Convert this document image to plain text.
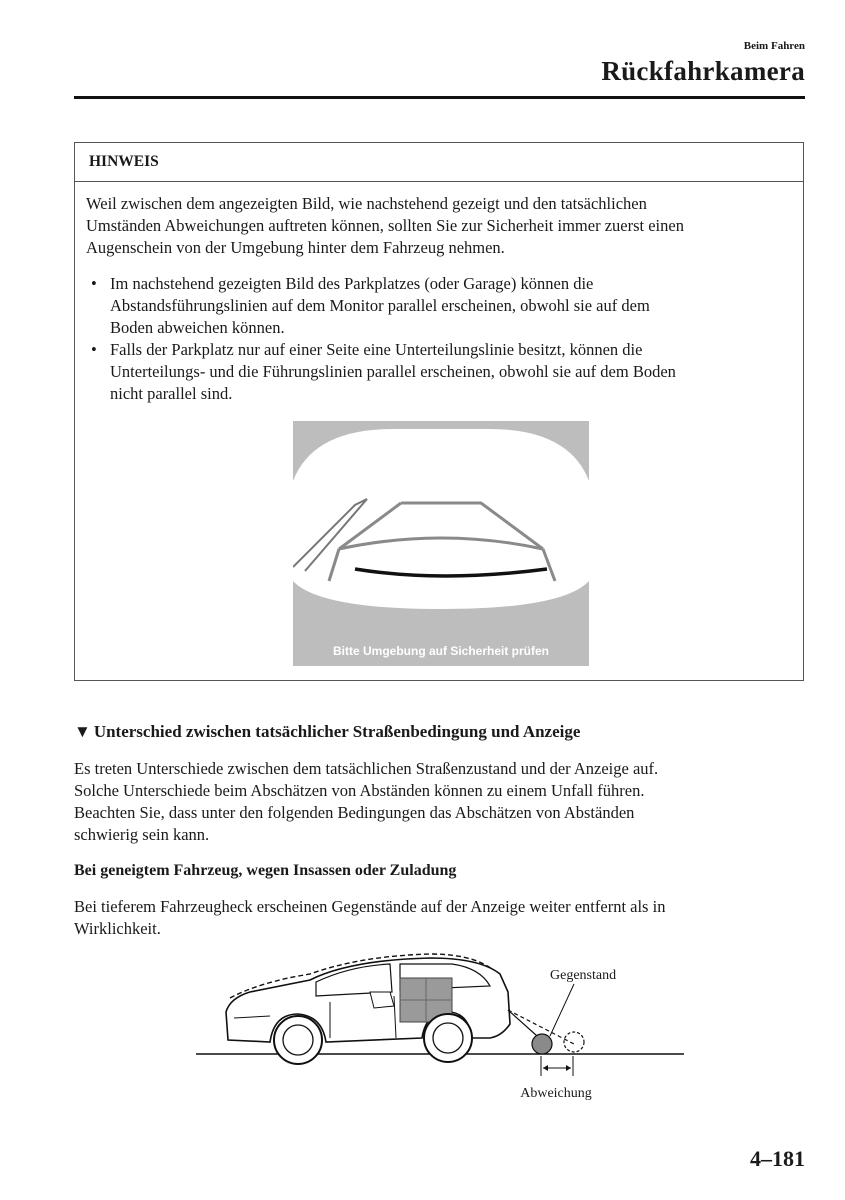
Beim Fahren
Rückfahrkamera
HINWEIS
Weil zwischen dem angezeigten Bild, wie nachstehend gezeigt und den tatsächlichen
Umständen Abweichungen auftreten können, sollten Sie zur Sicherheit immer zuerst einen
Augenschein von der Umgebung hinter dem Fahrzeug nehmen.
• Im nachstehend gezeigten Bild des Parkplatzes (oder Garage) können die
Abstandsführungslinien auf dem Monitor parallel erscheinen, obwohl sie auf dem
Boden abweichen können.
• Falls der Parkplatz nur auf einer Seite eine Unterteilungslinie besitzt, können die
Unterteilungs- und die Führungslinien parallel erscheinen, obwohl sie auf dem Boden
nicht parallel sind.
Bitte Umgebung auf Sicherheit prüfen
▼ Unterschied zwischen tatsächlicher Straßenbedingung und Anzeige
Es treten Unterschiede zwischen dem tatsächlichen Straßenzustand und der Anzeige auf.
Solche Unterschiede beim Abschätzen von Abständen können zu einem Unfall führen.
Beachten Sie, dass unter den folgenden Bedingungen das Abschätzen von Abständen
schwierig sein kann.
Bei geneigtem Fahrzeug, wegen Insassen oder Zuladung
Bei tieferem Fahrzeugheck erscheinen Gegenstände auf der Anzeige weiter entfernt als in
Wirklichkeit.
Gegenstand
Abweichung
4–181
